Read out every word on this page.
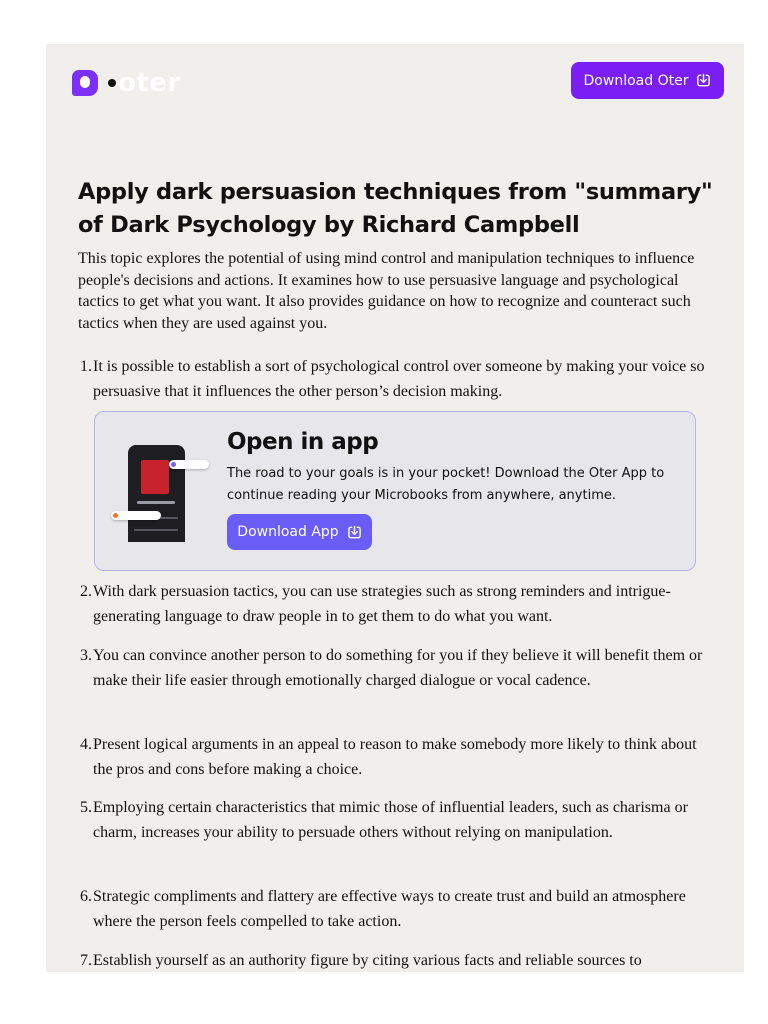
oter	Download Oter
Apply dark persuasion techniques from "summary" of Dark Psychology by Richard Campbell

This topic explores the potential of using mind control and manipulation techniques to influence people's decisions and actions. It examines how to use persuasive language and psychological tactics to get what you want. It also provides guidance on how to recognize and counteract such tactics when they are used against you.

1. It is possible to establish a sort of psychological control over someone by making your voice so persuasive that it influences the other person’s decision making.
Open in app

The road to your goals is in your pocket! Download the Oter App to continue reading your Microbooks from anywhere, anytime.

Download App
2. With dark persuasion tactics, you can use strategies such as strong reminders and intrigue-generating language to draw people in to get them to do what you want.
3. You can convince another person to do something for you if they believe it will benefit them or make their life easier through emotionally charged dialogue or vocal cadence.
4. Present logical arguments in an appeal to reason to make somebody more likely to think about the pros and cons before making a choice.
5. Employing certain characteristics that mimic those of influential leaders, such as charisma or charm, increases your ability to persuade others without relying on manipulation.
6. Strategic compliments and flattery are effective ways to create trust and build an atmosphere where the person feels compelled to take action.
7. Establish yourself as an authority figure by citing various facts and reliable sources to
